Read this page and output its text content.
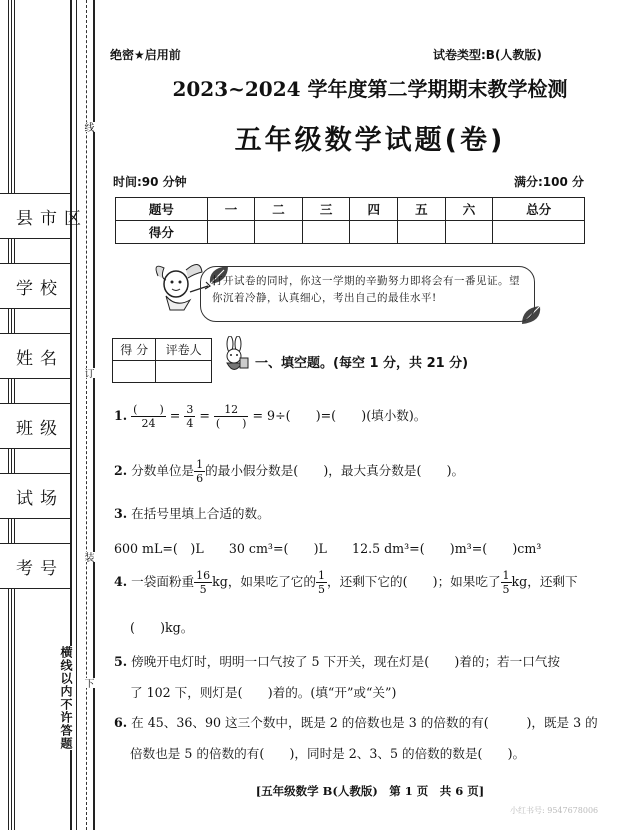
县市区
学校
姓名
班级
试场
考号
线
订
装
下
横线以内不许答题
绝密★启用前	试卷类型:B(人教版)
2023~2024 学年度第二学期期末教学检测
五年级数学试题(卷)
时间:90 分钟	满分:100 分
题号	一	二	三	四	五	六	总分
得分							
打开试卷的同时，你这一学期的辛勤努力即将会有一番见证。望你沉着冷静，认真细心，考出自己的最佳水平!
得 分	评卷人

一、填空题。(每空 1 分，共 21 分)
1. $\frac{( )}{24} = \frac{3}{4} = \frac{12}{( )} = 9\div$(　　)=(　　)(填小数)。
2. 分数单位是 $\frac{1}{6}$ 的最小假分数是(　　)，最大真分数是(　　)。
3. 在括号里填上合适的数。
600 mL=(　)L　　30 cm³=(　　)L　　12.5 dm³=(　　)m³=(　　)cm³
4. 一袋面粉重 $\frac{16}{5}$ kg，如果吃了它的 $\frac{1}{5}$ ，还剩下它的(　　)；如果吃了 $\frac{1}{5}$ kg，还剩下
(　　)kg。
5. 傍晚开电灯时，明明一口气按了 5 下开关，现在灯是(　　)着的；若一口气按
了 102 下，则灯是(　　)着的。(填“开”或“关”)
6. 在 45、36、90 这三个数中，既是 2 的倍数也是 3 的倍数的有(　　　)，既是 3 的
倍数也是 5 的倍数的有(　　)，同时是 2、3、5 的倍数的数是(　　)。
[五年级数学 B(人教版)　第 1 页　共 6 页]
小红书号: 9547678006
